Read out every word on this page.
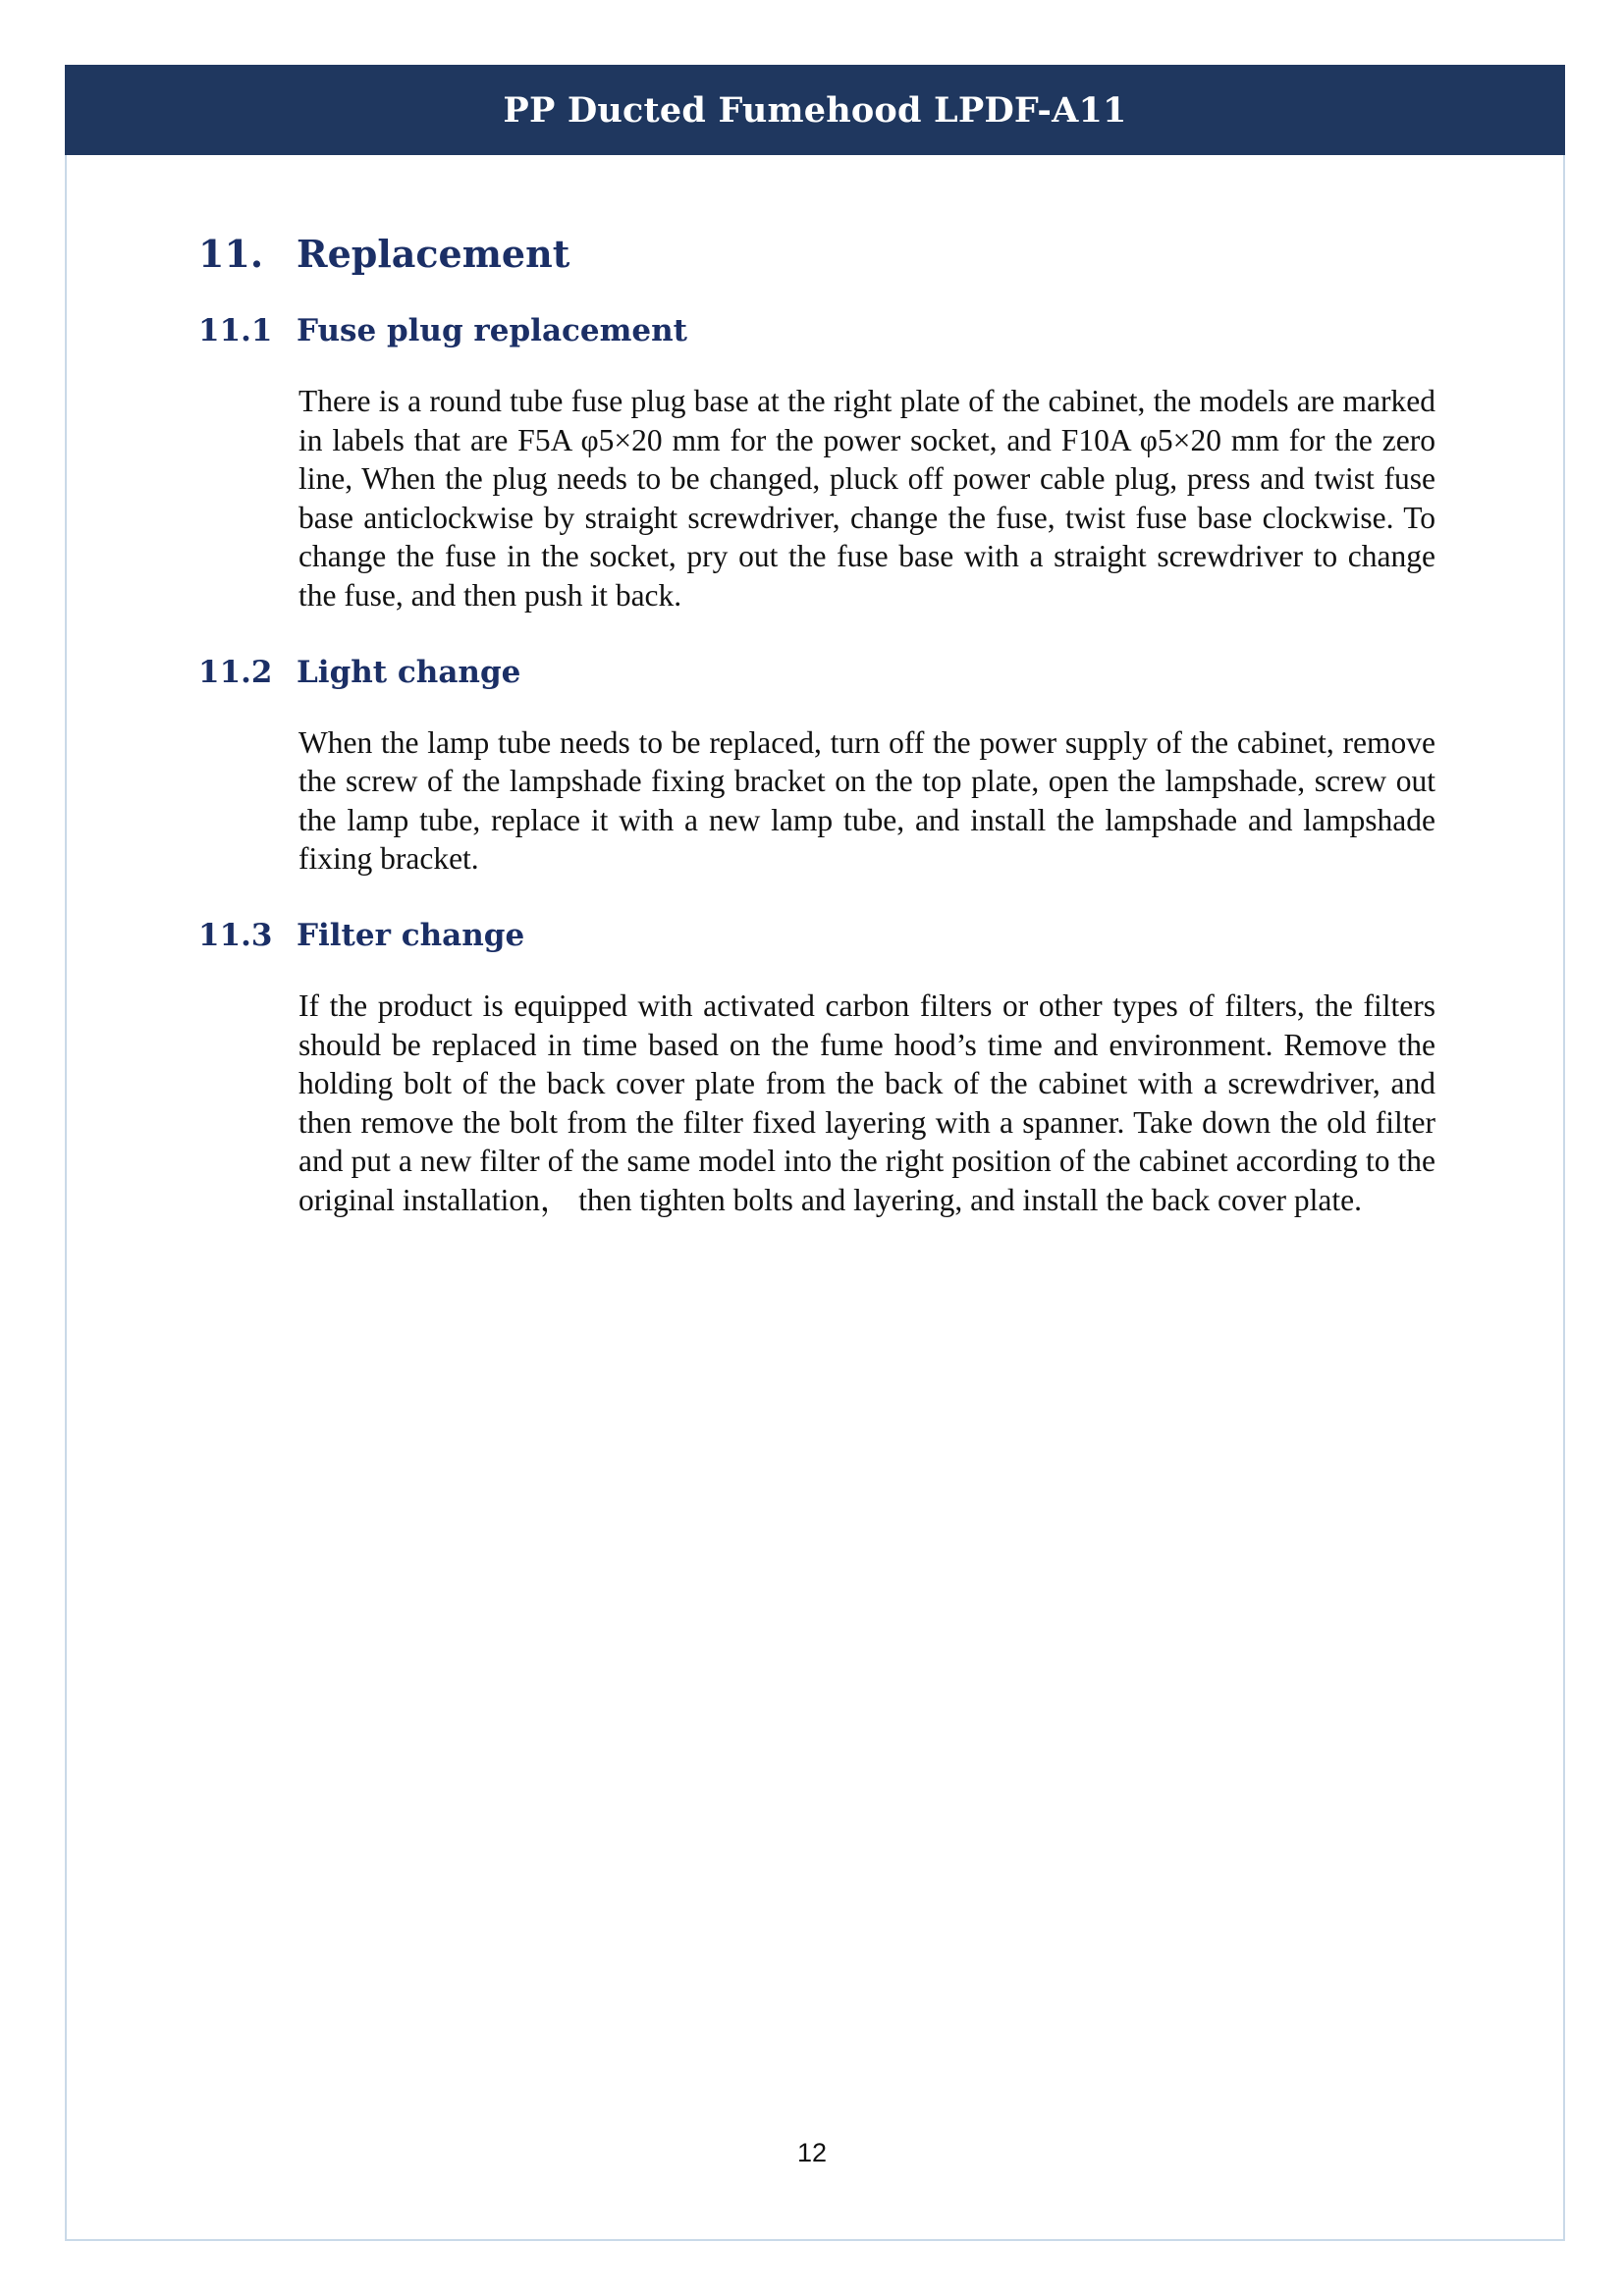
PP Ducted Fumehood LPDF-A11
11. Replacement
11.1 Fuse plug replacement

There is a round tube fuse plug base at the right plate of the cabinet, the models are marked in labels that are F5A φ5×20 mm for the power socket, and F10A φ5×20 mm for the zero line, When the plug needs to be changed, pluck off power cable plug, press and twist fuse base anticlockwise by straight screwdriver, change the fuse, twist fuse base clockwise. To change the fuse in the socket, pry out the fuse base with a straight screwdriver to change the fuse, and then push it back.

11.2 Light change

When the lamp tube needs to be replaced, turn off the power supply of the cabinet, remove the screw of the lampshade fixing bracket on the top plate, open the lampshade, screw out the lamp tube, replace it with a new lamp tube, and install the lampshade and lampshade fixing bracket.

11.3 Filter change

If the product is equipped with activated carbon filters or other types of filters, the filters should be replaced in time based on the fume hood’s time and environment. Remove the holding bolt of the back cover plate from the back of the cabinet with a screwdriver, and then remove the bolt from the filter fixed layering with a spanner. Take down the old filter and put a new filter of the same model into the right position of the cabinet according to the original installation， then tighten bolts and layering, and install the back cover plate.

12
